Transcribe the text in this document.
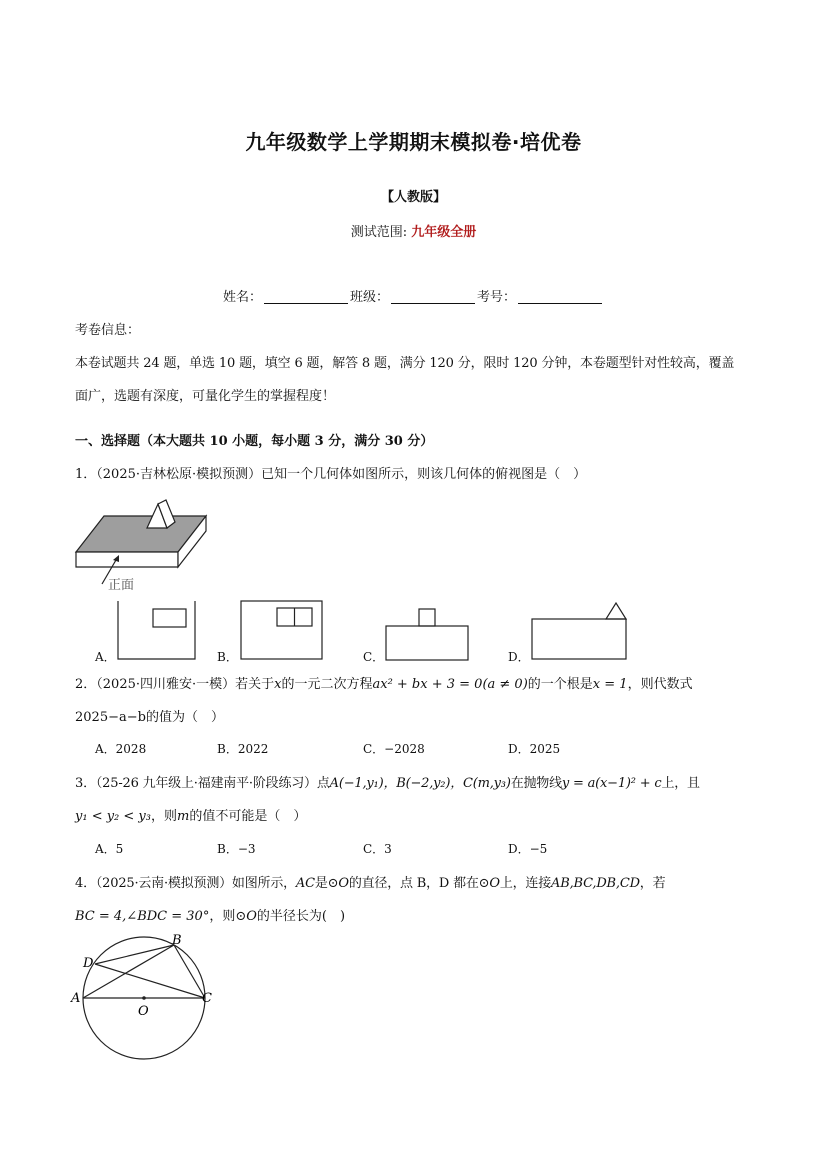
九年级数学上学期期末模拟卷·培优卷
【人教版】
测试范围: 九年级全册
姓名：	班级：	考号：
考卷信息：
本卷试题共 24 题，单选 10 题，填空 6 题，解答 8 题，满分 120 分，限时 120 分钟，本卷题型针对性较高，覆盖
面广，选题有深度，可量化学生的掌握程度！
一、选择题（本大题共 10 小题，每小题 3 分，满分 30 分）
1．（2025·吉林松原·模拟预测）已知一个几何体如图所示，则该几何体的俯视图是（　）
正面
A．	B．	C．	D．
2．（2025·四川雅安·一模）若关于x的一元二次方程ax² + bx + 3 = 0(a ≠ 0)的一个根是x = 1，则代数式
2025−a−b的值为（　）
A．2028	B．2022	C．−2028	D．2025
3．（25-26 九年级上·福建南平·阶段练习）点A(−1,y₁)，B(−2,y₂)，C(m,y₃)在抛物线y = a(x−1)² + c上，且
y₁ < y₂ < y₃，则m的值不可能是（　）
A．5	B．−3	C．3	D．−5
4．（2025·云南·模拟预测）如图所示，AC是⊙O的直径，点 B，D 都在⊙O上，连接AB,BC,DB,CD，若
BC = 4,∠BDC = 30°，则⊙O的半径长为(　)
A
B
C
D
O
